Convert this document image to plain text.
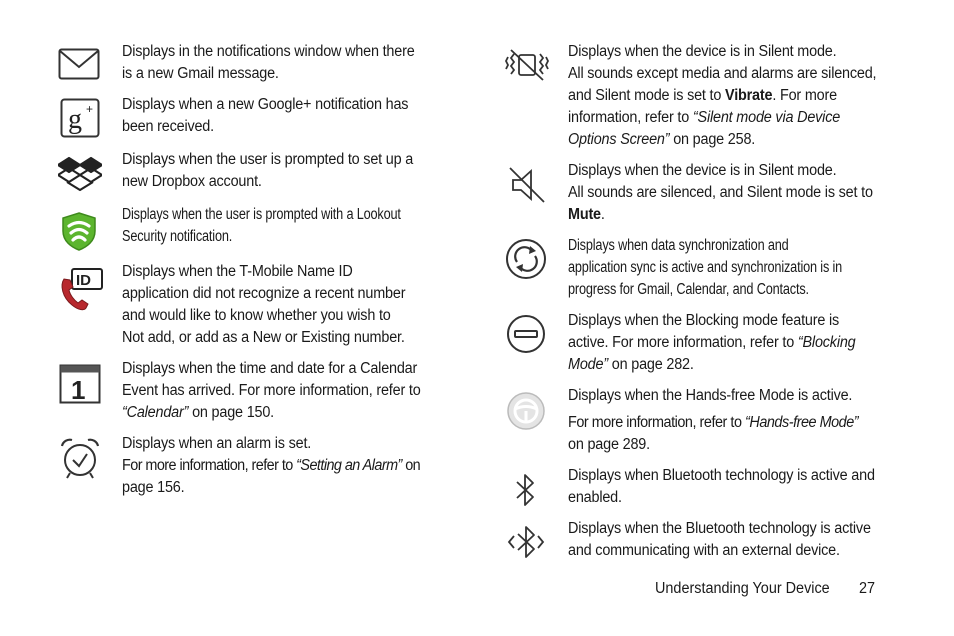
Displays in the notifications window when there

is a new Gmail message.

g + Displays when a new Google+ notification has

been received.

Displays when the user is prompted to set up a

new Dropbox account.

Displays when the user is prompted with a Lookout

Security notification.

ID

Displays when the T-Mobile Name ID

application did not recognize a recent number

and would like to know whether you wish to

Not add, or add as a New or Existing number.

1

Displays when the time and date for a Calendar

Event has arrived. For more information, refer to

“Calendar” on page 150.

Displays when an alarm is set.

For more information, refer to “Setting an Alarm” on

page 156.

Displays when the device is in Silent mode.

All sounds except media and alarms are silenced,

and Silent mode is set to Vibrate. For more

information, refer to “Silent mode via Device

Options Screen” on page 258.

Displays when the device is in Silent mode.

All sounds are silenced, and Silent mode is set to

Mute.

Displays when data synchronization and

application sync is active and synchronization is in

progress for Gmail, Calendar, and Contacts.

Displays when the Blocking mode feature is

active. For more information, refer to “Blocking

Mode” on page 282.

Displays when the Hands-free Mode is active.

For more information, refer to “Hands-free Mode”

on page 289.

Displays when Bluetooth technology is active and

enabled.

Displays when the Bluetooth technology is active

and communicating with an external device.

Understanding Your Device 27
